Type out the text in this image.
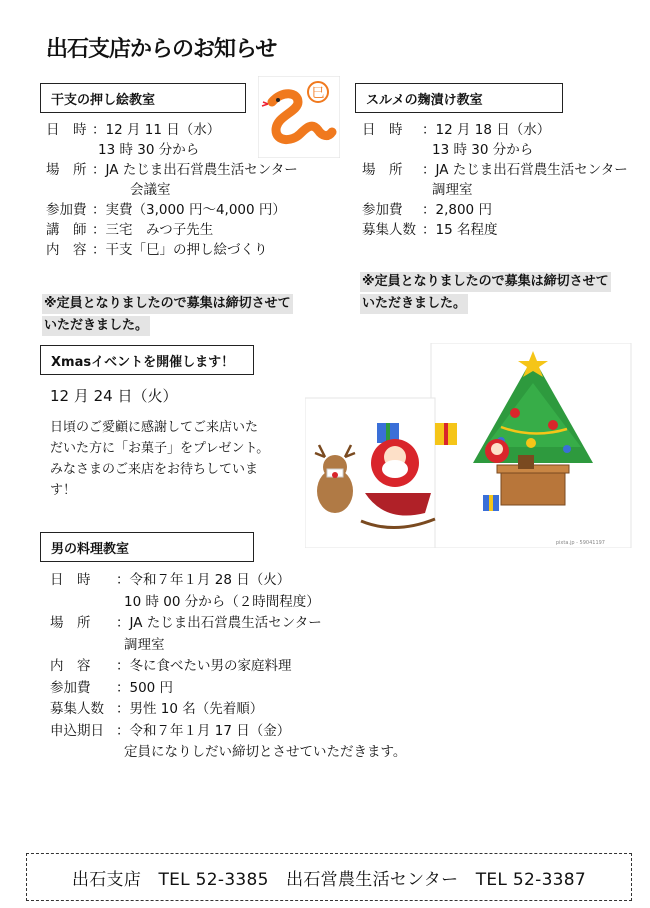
出石支店からのお知らせ
干支の押し絵教室
日　時 ：12 月 11 日（水）
13 時 30 分から
場　所 ：JA たじま出石営農生活センター
会議室
参加費 ：実費（3,000 円～4,000 円）
講　師 ：三宅　みつ子先生
内　容 ：干支「巳」の押し絵づくり
※定員となりましたので募集は締切させて
いただきました。
巳	スルメの麹漬け教室
日　時 ：12 月 18 日（水）
13 時 30 分から
場　所 ：JA たじま出石営農生活センター
調理室
参加費 ：2,800 円
募集人数 ：15 名程度
※定員となりましたので募集は締切させて
いただきました。
Xmasイベントを開催します！
12 月 24 日（火）
日頃のご愛顧に感謝してご来店いた
だいた方に「お菓子」をプレゼント。
みなさまのご来店をお待ちしていま
す！
pixta.jp - 59041197
男の料理教室
日　時 ：令和７年１月 28 日（火）
10 時 00 分から（２時間程度）
場　所 ：JA たじま出石営農生活センター
調理室
内　容 ：冬に食べたい男の家庭料理
参加費 ：500 円
募集人数 ：男性 10 名（先着順）
申込期日 ：令和７年１月 17 日（金）
定員になりしだい締切とさせていただきます。
出石支店　TEL 52-3385　出石営農生活センター　TEL 52-3387
